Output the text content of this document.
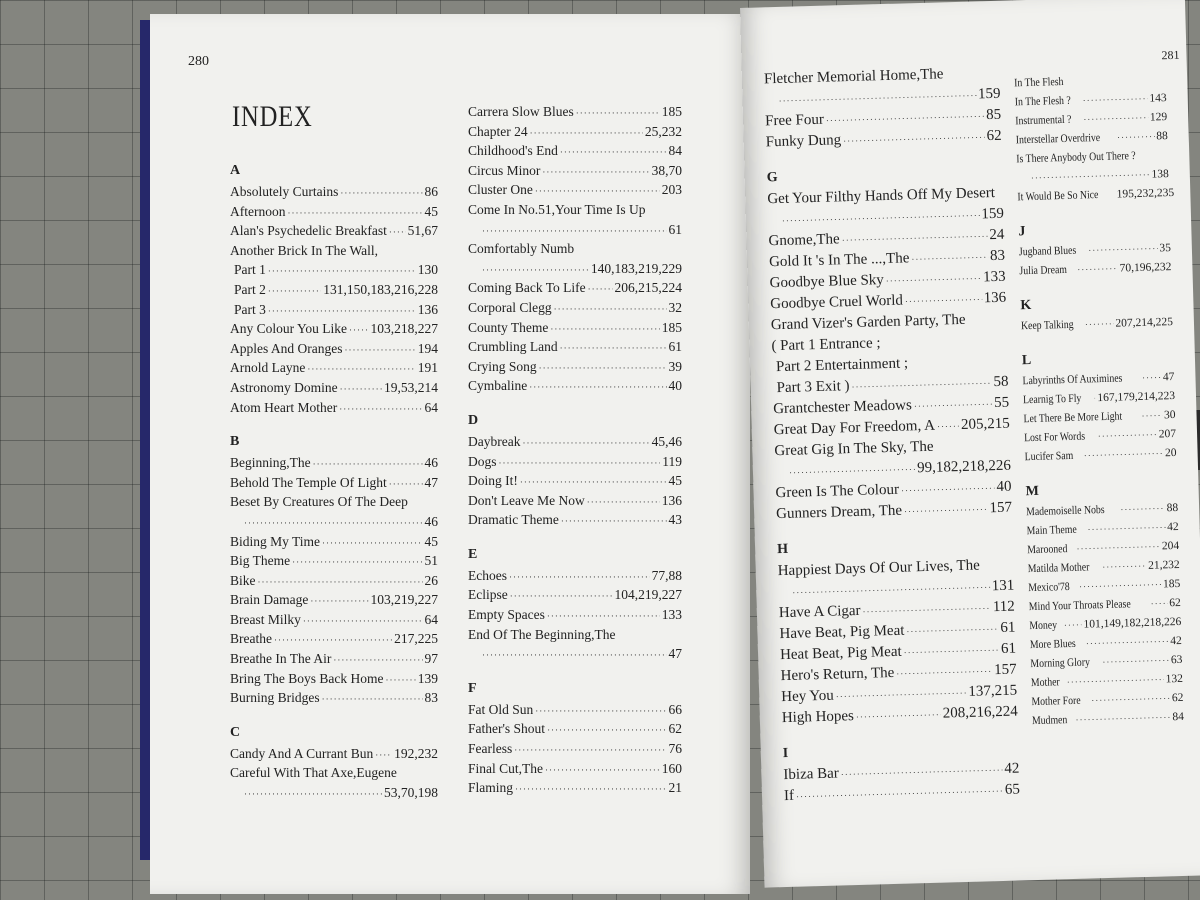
280
INDEX
A
Absolutely Curtains ·····	86
Afternoon ·····	45
Alan's Psychedelic Breakfast ····· 51,67
Another Brick In The Wall,
Part 1 ·····	130
Part 2 ·····	131,150,183,216,228
Part 3 ·····	136
Any Colour You Like ····· 103,218,227
Apples And Oranges ·····	194
Arnold Layne ·····	191
Astronomy Domine ·····	19,53,214
Atom Heart Mother ·····	64
B
Beginning,The ·····	46
Behold The Temple Of Light ·····	47
Beset By Creatures Of The Deep
·····
46
Biding My Time ·····	45
Big Theme ·····	51
Bike ·····	26
Brain Damage ·····	103,219,227
Breast Milky ·····	64
Breathe ·····	217,225
Breathe In The Air ·····	97
Bring The Boys Back Home ·····	139
Burning Bridges ·····	83
C
Candy And A Currant Bun ····· 192,232
Careful With That Axe,Eugene
·····
53,70,198
Carrera Slow Blues ·····	185
Chapter 24 ·····	25,232
Childhood's End ·····	84
Circus Minor ·····	38,70
Cluster One ·····	203
Come In No.51,Your Time Is Up
·····
61
Comfortably Numb
·····
140,183,219,229
Coming Back To Life ····· 206,215,224
Corporal Clegg ·····	32
County Theme ·····	185
Crumbling Land ·····	61
Crying Song ·····	39
Cymbaline ·····	40
D
Daybreak ·····	45,46
Dogs ·····	119
Doing It! ·····	45
Don't Leave Me Now ·····	136
Dramatic Theme ·····	43
E
Echoes ·····	77,88
Eclipse ·····	104,219,227
Empty Spaces ·····	133
End Of The Beginning,The
·····
47
F
Fat Old Sun ·····	66
Father's Shout ·····	62
Fearless ·····	76
Final Cut,The ·····	160
Flaming ·····	21
281
Fletcher Memorial Home,The
·····
159
Free Four ·····	85
Funky Dung ·····	62
G
Get Your Filthy Hands Off My Desert
·····
159
Gnome,The ·····	24
Gold It 's In The ...,The ·····	83
Goodbye Blue Sky ·····	133
Goodbye Cruel World ·····	136
Grand Vizer's Garden Party, The
( Part 1 Entrance ;
Part 2 Entertainment ;
Part 3 Exit ) ·····	58
Grantchester Meadows ·····	55
Great Day For Freedom, A ····· 205,215
Great Gig In The Sky, The
·····
99,182,218,226
Green Is The Colour ·····	40
Gunners Dream, The ·····	157
H
Happiest Days Of Our Lives, The
·····
131
Have A Cigar ·····	112
Have Beat, Pig Meat ·····	61
Heat Beat, Pig Meat ·····	61
Hero's Return, The ·····	157
Hey You ·····	137,215
High Hopes ·····	208,216,224
I
Ibiza Bar ·····	42
If ·····	65
In The Flesh
In The Flesh ? ·····	143
Instrumental ? ·····	129
Interstellar Overdrive ·····	88
Is There Anybody Out There ?
·····
138
It Would Be So Nice ····· 195,232,235
J
Jugband Blues ·····	35
Julia Dream ·····	70,196,232
K
Keep Talking ·····	207,214,225
L
Labyrinths Of Auximines ·····	47
Learnig To Fly ····· 167,179,214,223
Let There Be More Light ·····	30
Lost For Words ·····	207
Lucifer Sam ·····	20
M
Mademoiselle Nobs ·····	88
Main Theme ·····	42
Marooned ·····	204
Matilda Mother ·····	21,232
Mexico'78 ·····	185
Mind Your Throats Please ·····	62
Money ····· 101,149,182,218,226
More Blues ·····	42
Morning Glory ·····	63
Mother ·····	132
Mother Fore ·····	62
Mudmen ·····	84
